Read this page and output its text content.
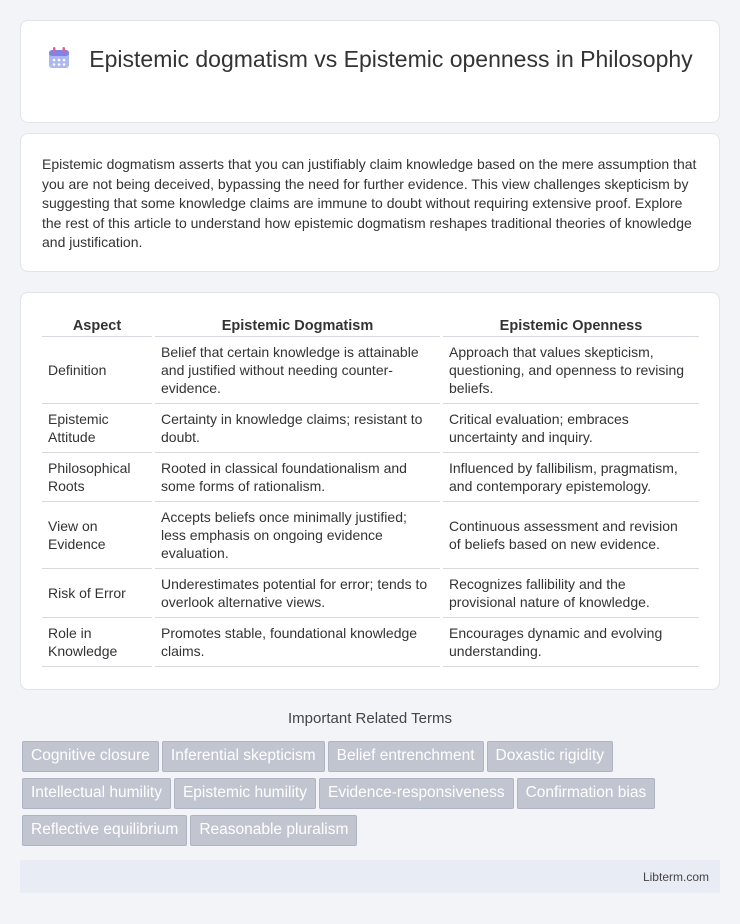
Epistemic dogmatism vs Epistemic openness in Philosophy

Epistemic dogmatism asserts that you can justifiably claim knowledge based on the mere assumption that you are not being deceived, bypassing the need for further evidence. This view challenges skepticism by suggesting that some knowledge claims are immune to doubt without requiring extensive proof. Explore the rest of this article to understand how epistemic dogmatism reshapes traditional theories of knowledge and justification.

Aspect		Epistemic Dogmatism		Epistemic Openness
Definition		Belief that certain knowledge is attainable and justified without needing counter-evidence.		Approach that values skepticism, questioning, and openness to revising beliefs.
Epistemic Attitude		Certainty in knowledge claims; resistant to doubt.		Critical evaluation; embraces uncertainty and inquiry.
Philosophical Roots		Rooted in classical foundationalism and some forms of rationalism.		Influenced by fallibilism, pragmatism, and contemporary epistemology.
View on Evidence		Accepts beliefs once minimally justified; less emphasis on ongoing evidence evaluation.		Continuous assessment and revision of beliefs based on new evidence.
Risk of Error		Underestimates potential for error; tends to overlook alternative views.		Recognizes fallibility and the provisional nature of knowledge.
Role in Knowledge		Promotes stable, foundational knowledge claims.		Encourages dynamic and evolving understanding.
Important Related Terms
Cognitive closure Inferential skepticism Belief entrenchment Doxastic rigidityIntellectual humility Epistemic humility Evidence-responsiveness Confirmation biasReflective equilibrium Reasonable pluralism
Libterm.com
